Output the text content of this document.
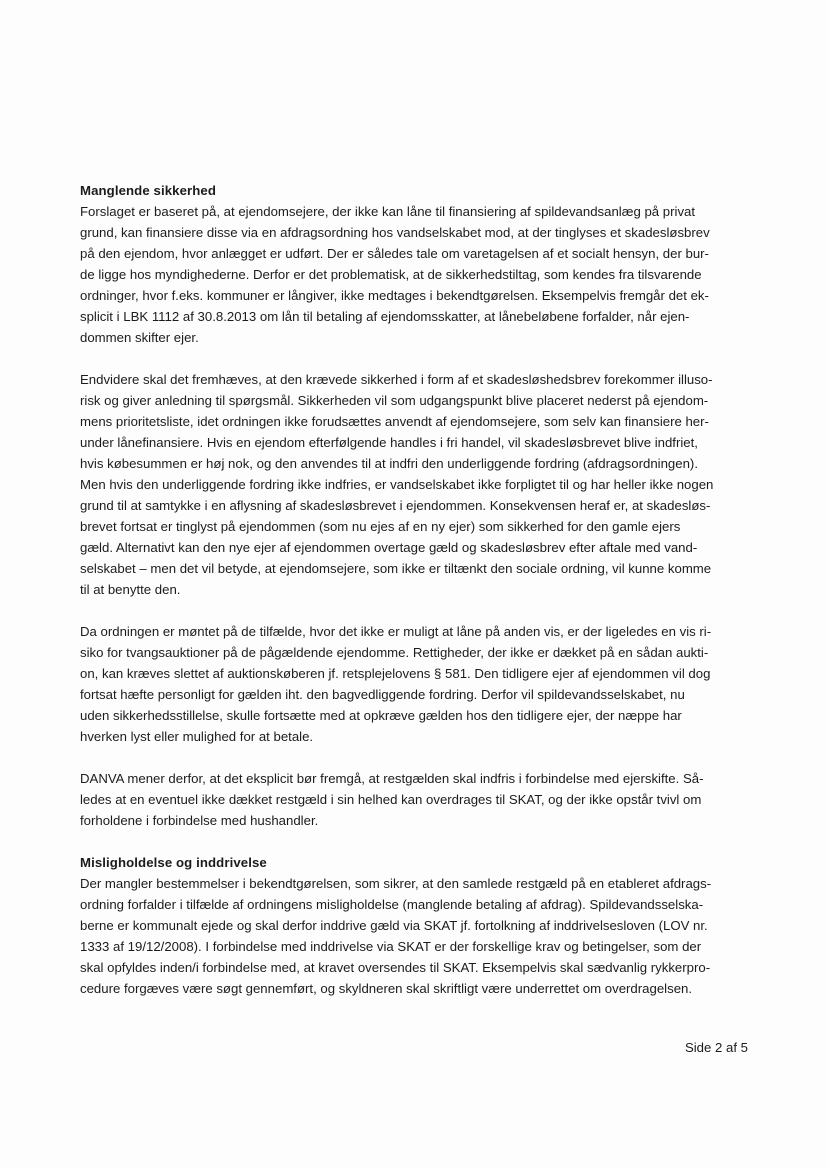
Manglende sikkerhed
Forslaget er baseret på, at ejendomsejere, der ikke kan låne til finansiering af spildevandsanlæg på privat
grund, kan finansiere disse via en afdragsordning hos vandselskabet mod, at der tinglyses et skadesløsbrev
på den ejendom, hvor anlægget er udført. Der er således tale om varetagelsen af et socialt hensyn, der bur-
de ligge hos myndighederne. Derfor er det problematisk, at de sikkerhedstiltag, som kendes fra tilsvarende
ordninger, hvor f.eks. kommuner er långiver, ikke medtages i bekendtgørelsen. Eksempelvis fremgår det ek-
splicit i LBK 1112 af 30.8.2013 om lån til betaling af ejendomsskatter, at lånebeløbene forfalder, når ejen-
dommen skifter ejer.
Endvidere skal det fremhæves, at den krævede sikkerhed i form af et skadesløshedsbrev forekommer illuso-
risk og giver anledning til spørgsmål. Sikkerheden vil som udgangspunkt blive placeret nederst på ejendom-
mens prioritetsliste, idet ordningen ikke forudsættes anvendt af ejendomsejere, som selv kan finansiere her-
under lånefinansiere. Hvis en ejendom efterfølgende handles i fri handel, vil skadesløsbrevet blive indfriet,
hvis købesummen er høj nok, og den anvendes til at indfri den underliggende fordring (afdragsordningen).
Men hvis den underliggende fordring ikke indfries, er vandselskabet ikke forpligtet til og har heller ikke nogen
grund til at samtykke i en aflysning af skadesløsbrevet i ejendommen. Konsekvensen heraf er, at skadesløs-
brevet fortsat er tinglyst på ejendommen (som nu ejes af en ny ejer) som sikkerhed for den gamle ejers
gæld. Alternativt kan den nye ejer af ejendommen overtage gæld og skadesløsbrev efter aftale med vand-
selskabet – men det vil betyde, at ejendomsejere, som ikke er tiltænkt den sociale ordning, vil kunne komme
til at benytte den.
Da ordningen er møntet på de tilfælde, hvor det ikke er muligt at låne på anden vis, er der ligeledes en vis ri-
siko for tvangsauktioner på de pågældende ejendomme. Rettigheder, der ikke er dækket på en sådan aukti-
on, kan kræves slettet af auktionskøberen jf. retsplejelovens § 581. Den tidligere ejer af ejendommen vil dog
fortsat hæfte personligt for gælden iht. den bagvedliggende fordring. Derfor vil spildevandsselskabet, nu
uden sikkerhedsstillelse, skulle fortsætte med at opkræve gælden hos den tidligere ejer, der næppe har
hverken lyst eller mulighed for at betale.
DANVA mener derfor, at det eksplicit bør fremgå, at restgælden skal indfris i forbindelse med ejerskifte. Så-
ledes at en eventuel ikke dækket restgæld i sin helhed kan overdrages til SKAT, og der ikke opstår tvivl om
forholdene i forbindelse med hushandler.
Misligholdelse og inddrivelse
Der mangler bestemmelser i bekendtgørelsen, som sikrer, at den samlede restgæld på en etableret afdrags-
ordning forfalder i tilfælde af ordningens misligholdelse (manglende betaling af afdrag). Spildevandsselska-
berne er kommunalt ejede og skal derfor inddrive gæld via SKAT jf. fortolkning af inddrivelsesloven (LOV nr.
1333 af 19/12/2008). I forbindelse med inddrivelse via SKAT er der forskellige krav og betingelser, som der
skal opfyldes inden/i forbindelse med, at kravet oversendes til SKAT. Eksempelvis skal sædvanlig rykkerpro-
cedure forgæves være søgt gennemført, og skyldneren skal skriftligt være underrettet om overdragelsen.
Side 2 af 5
